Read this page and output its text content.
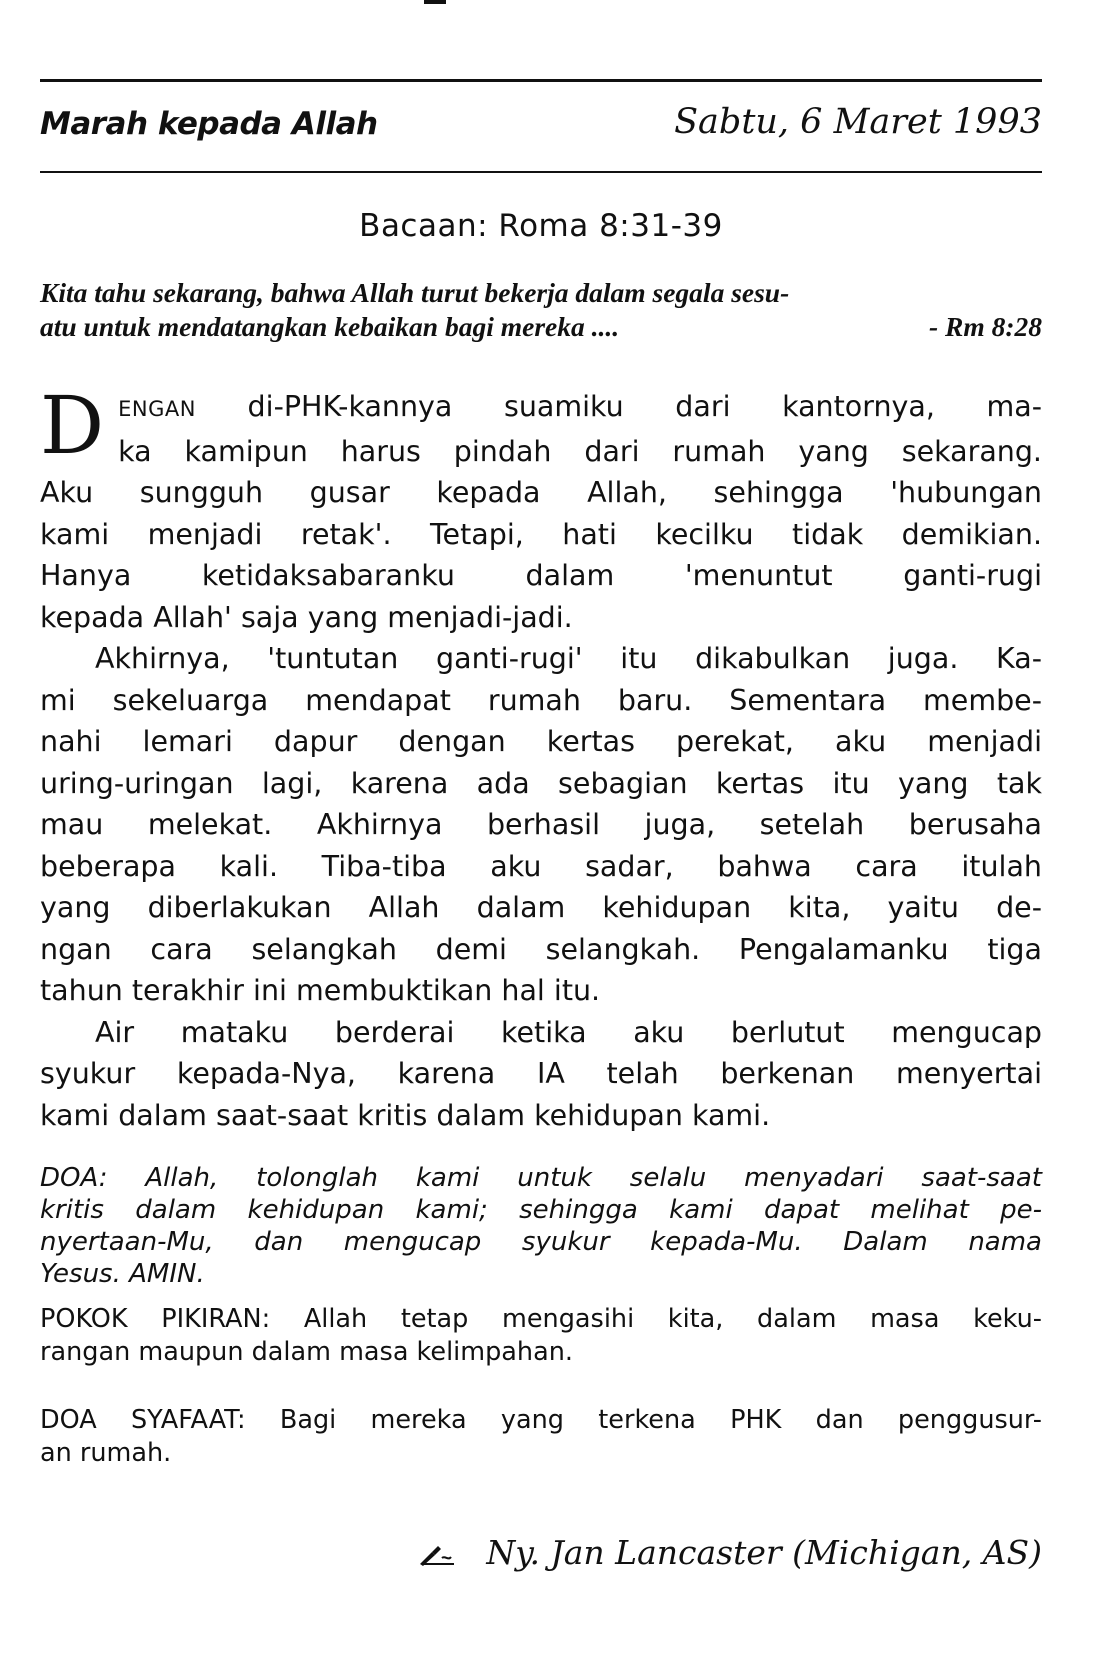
Marah kepada Allah	Sabtu, 6 Maret 1993
Bacaan: Roma 8:31-39
Kita tahu sekarang, bahwa Allah turut bekerja dalam segala sesu-
atu untuk mendatangkan kebaikan bagi mereka ....	- Rm 8:28

D ENGAN di-PHK-kannya suamiku dari kantornya, ma-
ka kamipun harus pindah dari rumah yang sekarang.
Aku sungguh gusar kepada Allah, sehingga 'hubungan
kami menjadi retak'. Tetapi, hati kecilku tidak demikian.
Hanya ketidaksabaranku dalam 'menuntut ganti-rugi
kepada Allah' saja yang menjadi-jadi.

Akhirnya, 'tuntutan ganti-rugi' itu dikabulkan juga. Ka-
mi sekeluarga mendapat rumah baru. Sementara membe-
nahi lemari dapur dengan kertas perekat, aku menjadi
uring-uringan lagi, karena ada sebagian kertas itu yang tak
mau melekat. Akhirnya berhasil juga, setelah berusaha
beberapa kali. Tiba-tiba aku sadar, bahwa cara itulah
yang diberlakukan Allah dalam kehidupan kita, yaitu de-
ngan cara selangkah demi selangkah. Pengalamanku tiga
tahun terakhir ini membuktikan hal itu.

Air mataku berderai ketika aku berlutut mengucap
syukur kepada-Nya, karena IA telah berkenan menyertai
kami dalam saat-saat kritis dalam kehidupan kami.

DOA: Allah, tolonglah kami untuk selalu menyadari saat-saat
kritis dalam kehidupan kami; sehingga kami dapat melihat pe-
nyertaan-Mu, dan mengucap syukur kepada-Mu. Dalam nama
Yesus. AMIN.
POKOK PIKIRAN: Allah tetap mengasihi kita, dalam masa keku-
rangan maupun dalam masa kelimpahan.
DOA SYAFAAT: Bagi mereka yang terkena PHK dan penggusur-
an rumah.
Ny. Jan Lancaster (Michigan, AS)
